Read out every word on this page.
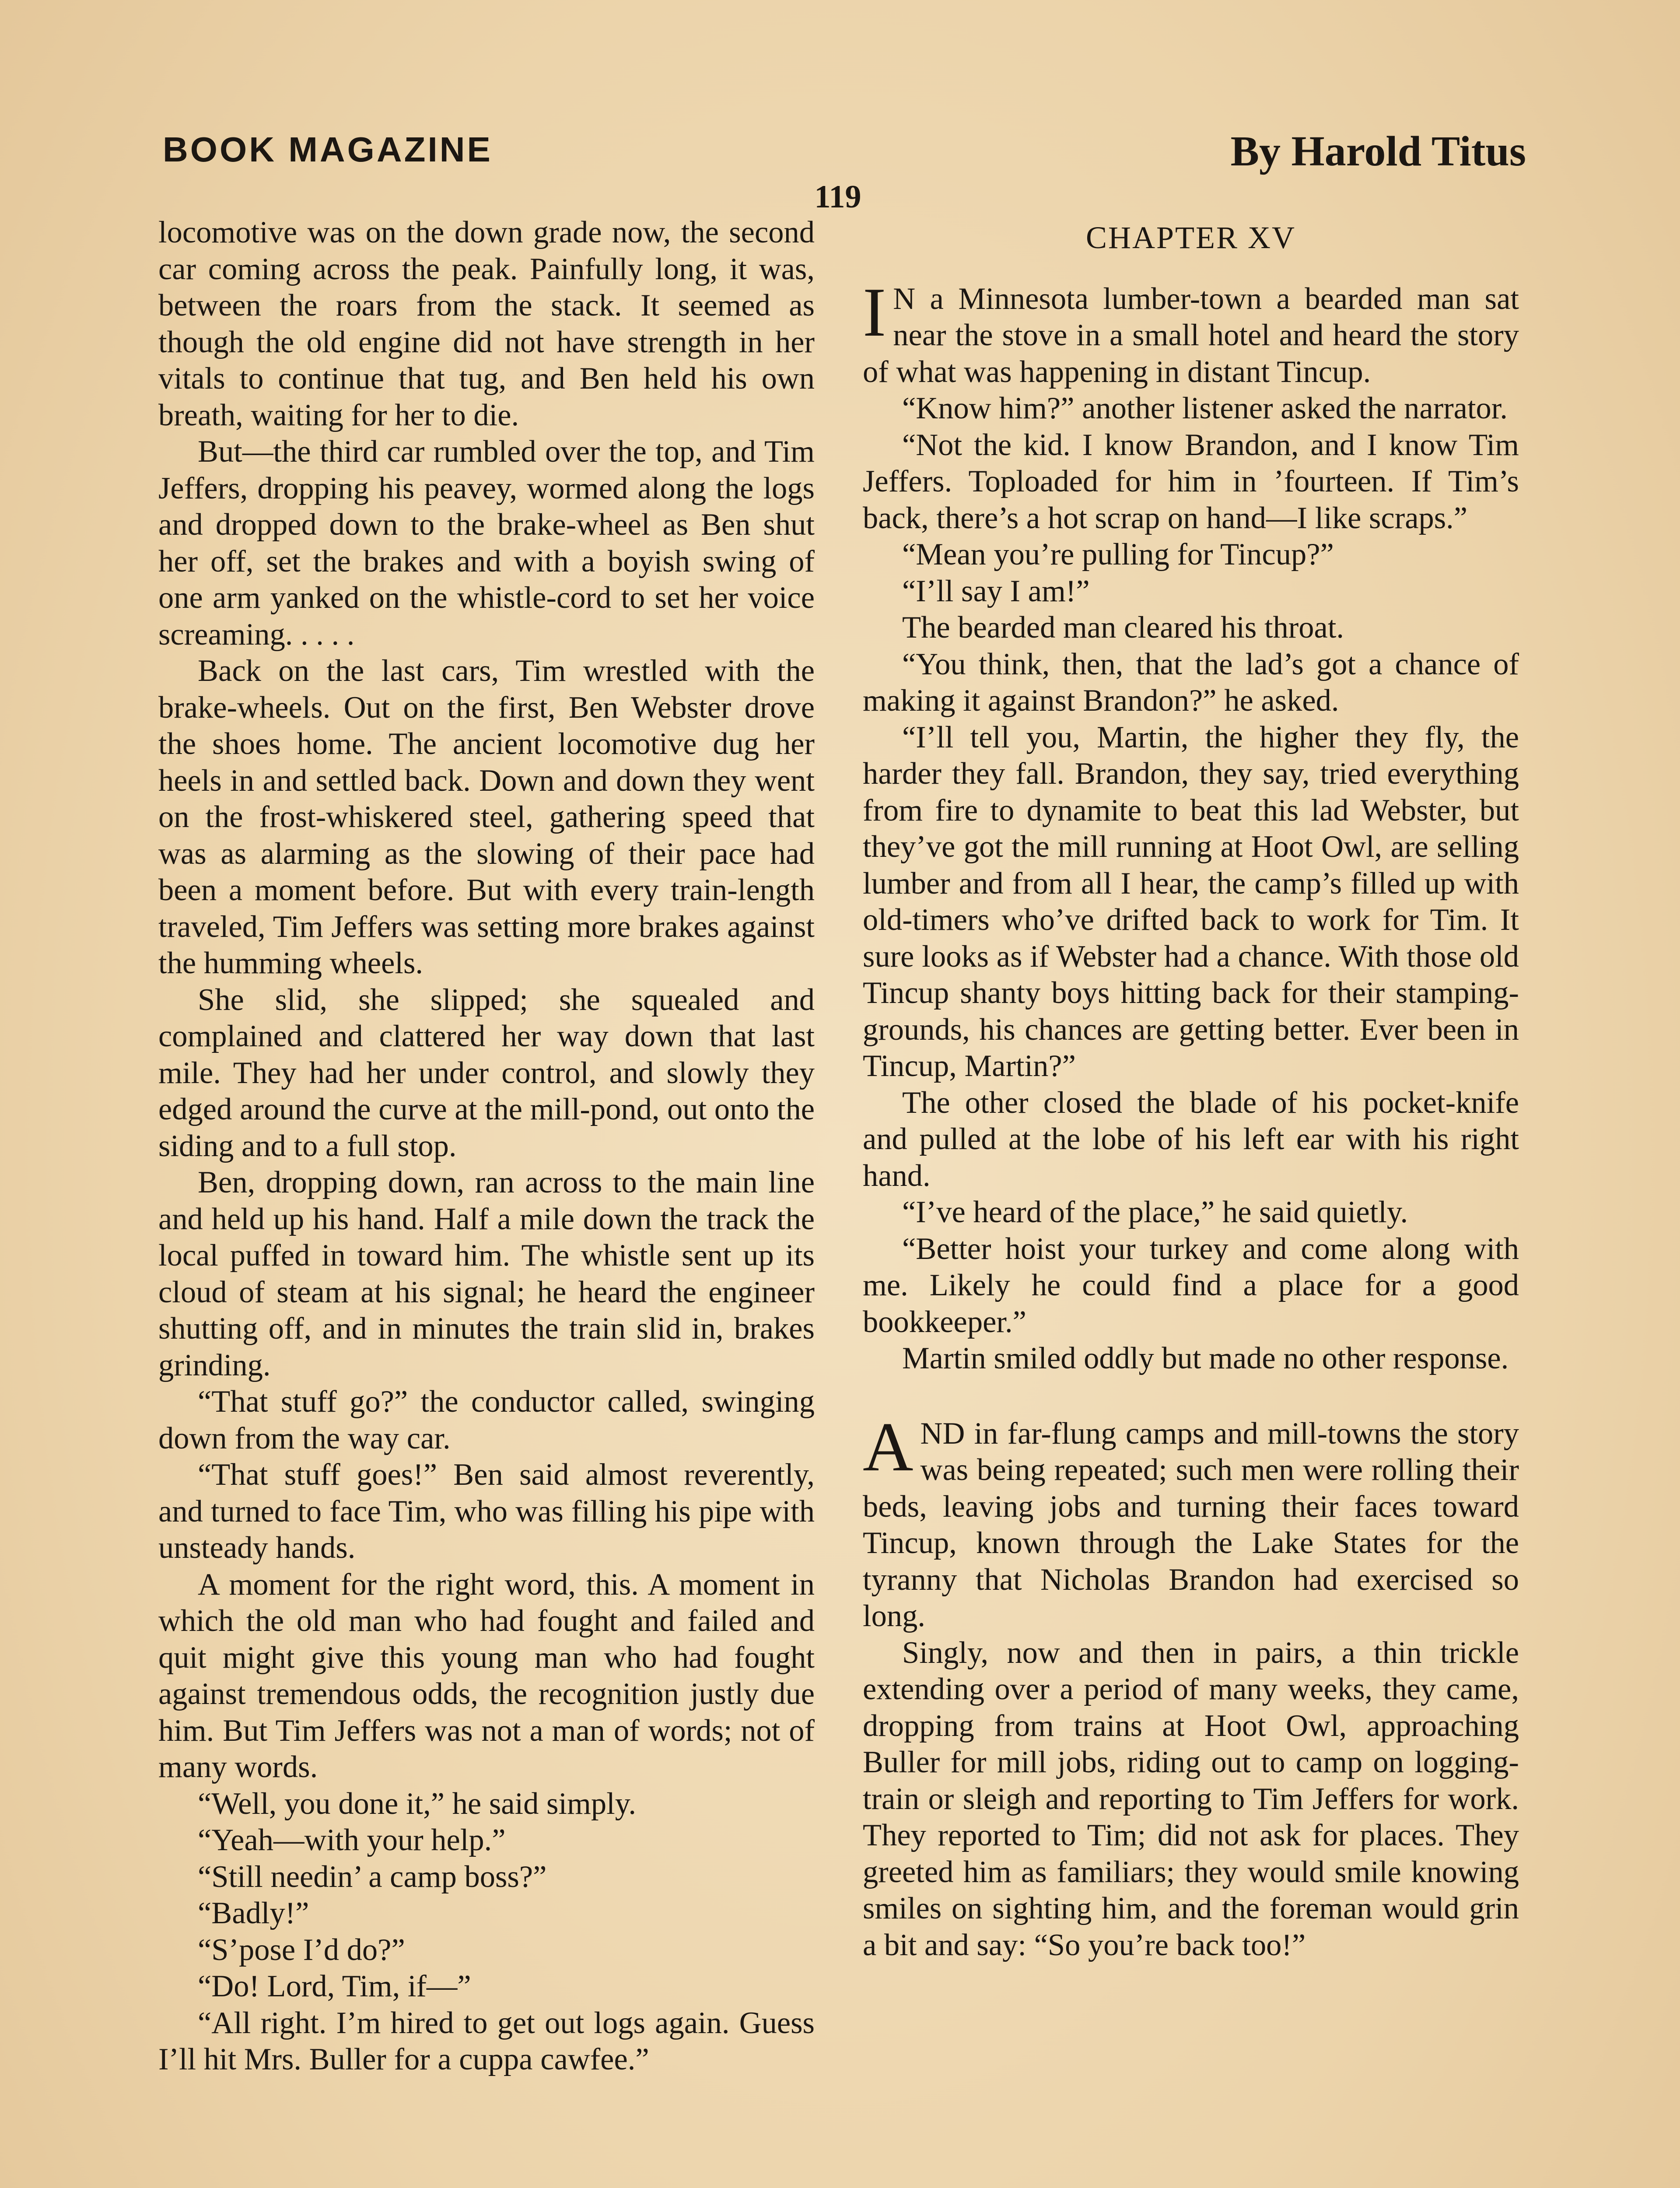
BOOK MAGAZINE	By Harold Titus
119

locomotive was on the down grade now, the second car coming across the peak. Painfully long, it was, between the roars from the stack. It seemed as though the old engine did not have strength in her vitals to continue that tug, and Ben held his own breath, waiting for her to die.

But—the third car rumbled over the top, and Tim Jeffers, dropping his peavey, wormed along the logs and dropped down to the brake-wheel as Ben shut her off, set the brakes and with a boyish swing of one arm yanked on the whistle-cord to set her voice screaming. . . . .

Back on the last cars, Tim wrestled with the brake-wheels. Out on the first, Ben Webster drove the shoes home. The ancient locomotive dug her heels in and settled back. Down and down they went on the frost-whiskered steel, gathering speed that was as alarming as the slowing of their pace had been a moment before. But with every train-length traveled, Tim Jeffers was setting more brakes against the humming wheels.

She slid, she slipped; she squealed and complained and clattered her way down that last mile. They had her under control, and slowly they edged around the curve at the mill-pond, out onto the siding and to a full stop.

Ben, dropping down, ran across to the main line and held up his hand. Half a mile down the track the local puffed in toward him. The whistle sent up its cloud of steam at his signal; he heard the engineer shutting off, and in minutes the train slid in, brakes grinding.

“That stuff go?” the conductor called, swinging down from the way car.

“That stuff goes!” Ben said almost reverently, and turned to face Tim, who was filling his pipe with unsteady hands.

A moment for the right word, this. A moment in which the old man who had fought and failed and quit might give this young man who had fought against tremendous odds, the recognition justly due him. But Tim Jeffers was not a man of words; not of many words.

“Well, you done it,” he said simply.

“Yeah—with your help.”

“Still needin’ a camp boss?”

“Badly!”

“S’pose I’d do?”

“Do! Lord, Tim, if—”

“All right. I’m hired to get out logs again. Guess I’ll hit Mrs. Buller for a cuppa cawfee.”

CHAPTER XV

I N a Minnesota lumber-town a bearded man sat near the stove in a small hotel and heard the story of what was happening in distant Tincup.

“Know him?” another listener asked the narrator.

“Not the kid. I know Brandon, and I know Tim Jeffers. Toploaded for him in ’fourteen. If Tim’s back, there’s a hot scrap on hand—I like scraps.”

“Mean you’re pulling for Tincup?”

“I’ll say I am!”

The bearded man cleared his throat.

“You think, then, that the lad’s got a chance of making it against Brandon?” he asked.

“I’ll tell you, Martin, the higher they fly, the harder they fall. Brandon, they say, tried everything from fire to dynamite to beat this lad Webster, but they’ve got the mill running at Hoot Owl, are selling lumber and from all I hear, the camp’s filled up with old-timers who’ve drifted back to work for Tim. It sure looks as if Webster had a chance. With those old Tincup shanty boys hitting back for their stamping-grounds, his chances are getting better. Ever been in Tincup, Martin?”

The other closed the blade of his pocket-knife and pulled at the lobe of his left ear with his right hand.

“I’ve heard of the place,” he said quietly.

“Better hoist your turkey and come along with me. Likely he could find a place for a good bookkeeper.”

Martin smiled oddly but made no other response.

AND in far-flung camps and mill-towns the story was being repeated; such men were rolling their beds, leaving jobs and turning their faces toward Tincup, known through the Lake States for the tyranny that Nicholas Brandon had exercised so long.

Singly, now and then in pairs, a thin trickle extending over a period of many weeks, they came, dropping from trains at Hoot Owl, approaching Buller for mill jobs, riding out to camp on logging-train or sleigh and reporting to Tim Jeffers for work. They reported to Tim; did not ask for places. They greeted him as familiars; they would smile knowing smiles on sighting him, and the foreman would grin a bit and say: “So you’re back too!”
